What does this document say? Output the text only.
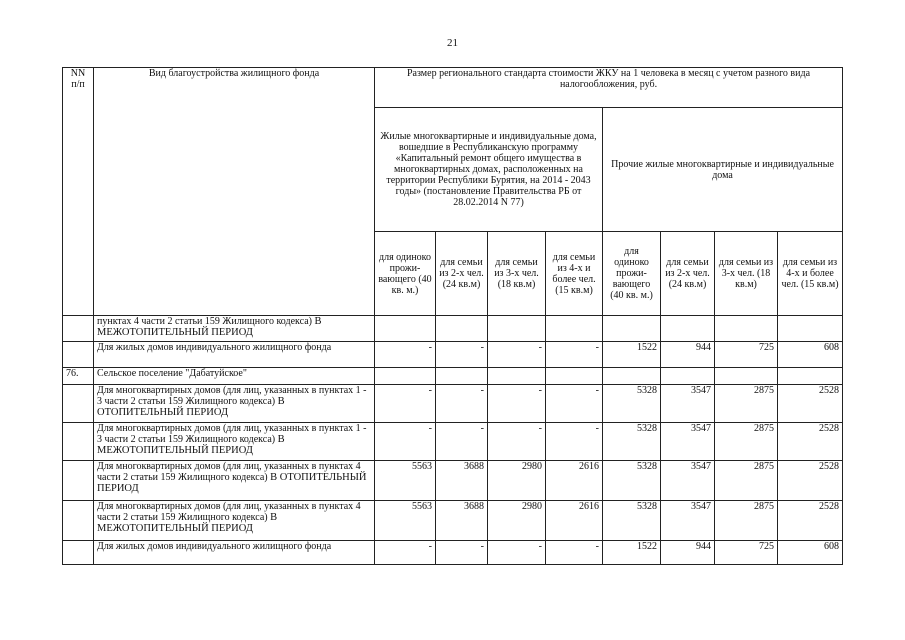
21
NN п/п	Вид благоустройства жилищного фонда	Размер регионального стандарта стоимости ЖКУ на 1 человека в месяц с учетом разного вида налогообложения, руб.							
		Жилые многоквартирные и индивидуальные дома, вошедшие в Республиканскую программу «Капитальный ремонт общего имущества в многоквартирных домах, расположенных на территории Республики Бурятия, на 2014 - 2043 годы» (постановление Правительства РБ от 28.02.2014 N 77)				Прочие жилые многоквартирные и индивидуальные дома			
		для одиноко прожи-вающего (40 кв. м.)	для семьи из 2-х чел. (24 кв.м)	для семьи из 3-х чел. (18 кв.м)	для семьи из 4-х и более чел. (15 кв.м)	для одиноко прожи-вающего (40 кв. м.)	для семьи из 2-х чел. (24 кв.м)	для семьи из 3-х чел. (18 кв.м)	для семьи из 4-х и более чел. (15 кв.м)
	пунктах 4 части 2 статьи 159 Жилищного кодекса) В МЕЖОТОПИТЕЛЬНЫЙ ПЕРИОД								
	Для жилых домов индивидуального жилищного фонда	-	-	-	-	1522	944	725	608
76.	Сельское поселение "Дабатуйское"								
	Для многоквартирных домов (для лиц, указанных в пунктах 1 - 3 части 2 статьи 159 Жилищного кодекса) В ОТОПИТЕЛЬНЫЙ ПЕРИОД	-	-	-	-	5328	3547	2875	2528
	Для многоквартирных домов (для лиц, указанных в пунктах 1 - 3 части 2 статьи 159 Жилищного кодекса) В МЕЖОТОПИТЕЛЬНЫЙ ПЕРИОД	-	-	-	-	5328	3547	2875	2528
	Для многоквартирных домов (для лиц, указанных в пунктах 4 части 2 статьи 159 Жилищного кодекса) В ОТОПИТЕЛЬНЫЙ ПЕРИОД	5563	3688	2980	2616	5328	3547	2875	2528
	Для многоквартирных домов (для лиц, указанных в пунктах 4 части 2 статьи 159 Жилищного кодекса) В МЕЖОТОПИТЕЛЬНЫЙ ПЕРИОД	5563	3688	2980	2616	5328	3547	2875	2528
	Для жилых домов индивидуального жилищного фонда	-	-	-	-	1522	944	725	608
